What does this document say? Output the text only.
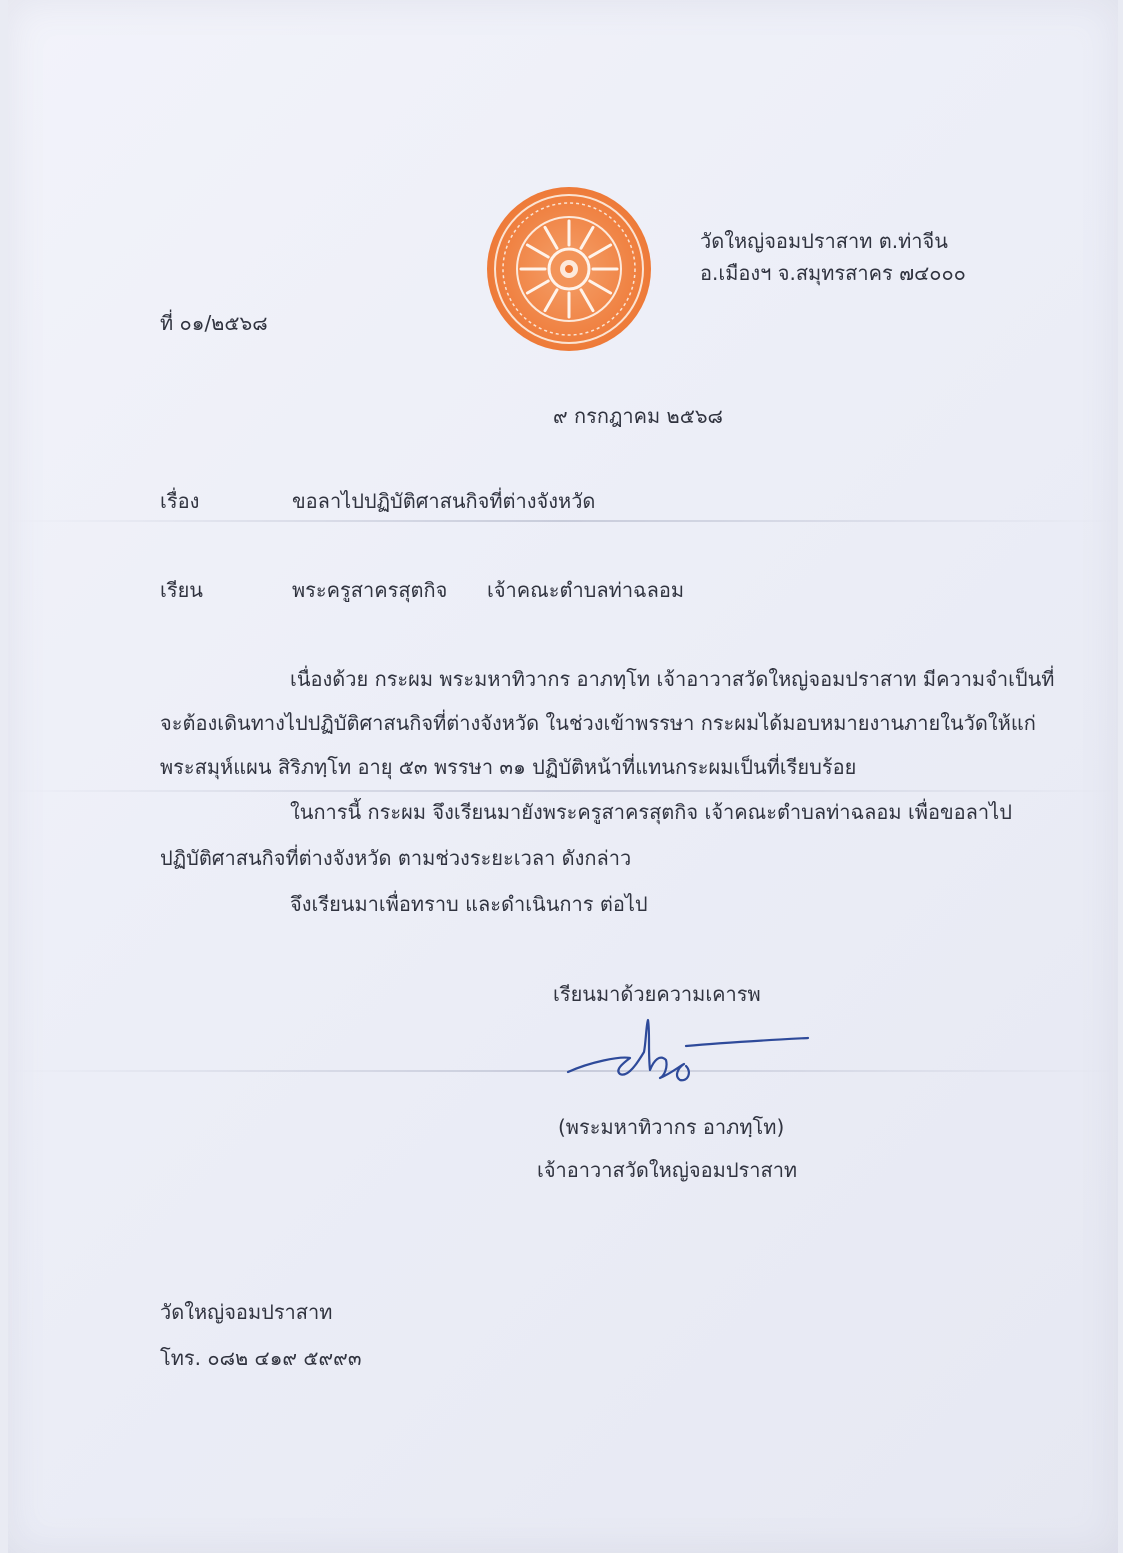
วัดใหญ่จอมปราสาท ต.ท่าจีน
อ.เมืองฯ จ.สมุทรสาคร ๗๔๐๐๐
ที่ ๐๑/๒๕๖๘
๙ กรกฎาคม ๒๕๖๘
เรื่อง	ขอลาไปปฏิบัติศาสนกิจที่ต่างจังหวัด
เรียน	พระครูสาครสุตกิจ เจ้าคณะตำบลท่าฉลอม
เนื่องด้วย กระผม พระมหาทิวากร อาภทฺโท เจ้าอาวาสวัดใหญ่จอมปราสาท มีความจำเป็นที่
จะต้องเดินทางไปปฏิบัติศาสนกิจที่ต่างจังหวัด ในช่วงเข้าพรรษา กระผมได้มอบหมายงานภายในวัดให้แก่
พระสมุห์แผน สิริภทฺโท อายุ ๕๓ พรรษา ๓๑ ปฏิบัติหน้าที่แทนกระผมเป็นที่เรียบร้อย
ในการนี้ กระผม จึงเรียนมายังพระครูสาครสุตกิจ เจ้าคณะตำบลท่าฉลอม เพื่อขอลาไป
ปฏิบัติศาสนกิจที่ต่างจังหวัด ตามช่วงระยะเวลา ดังกล่าว
จึงเรียนมาเพื่อทราบ และดำเนินการ ต่อไป
เรียนมาด้วยความเคารพ
(พระมหาทิวากร อาภทฺโท)
เจ้าอาวาสวัดใหญ่จอมปราสาท
วัดใหญ่จอมปราสาท
โทร. ๐๘๒ ๔๑๙ ๕๙๙๓
